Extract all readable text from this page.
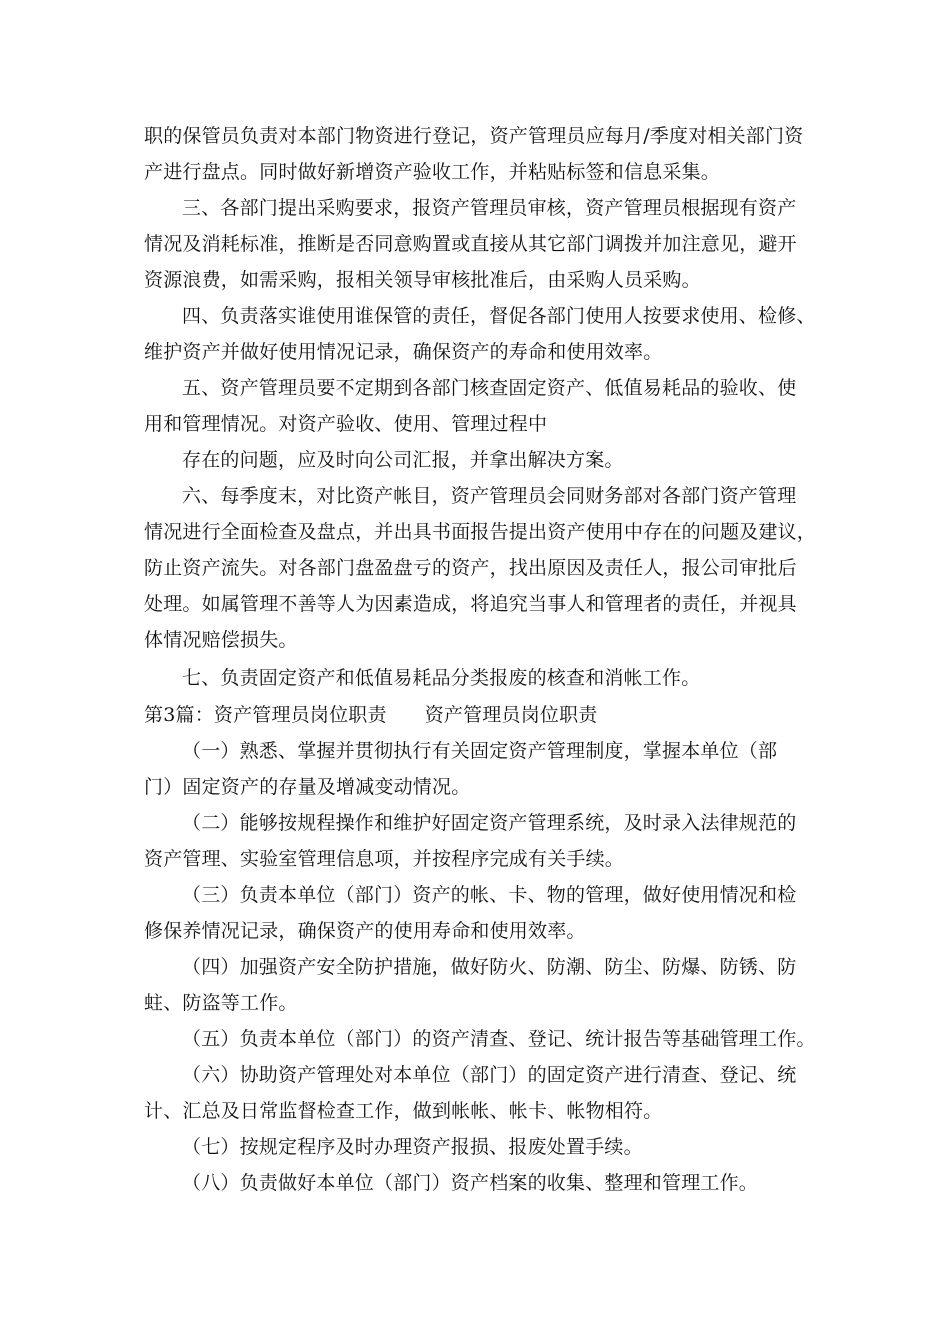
职的保管员负责对本部门物资进行登记，资产管理员应每月/季度对相关部门资
产进行盘点。同时做好新增资产验收工作，并粘贴标签和信息采集。
三、各部门提出采购要求，报资产管理员审核，资产管理员根据现有资产
情况及消耗标准，推断是否同意购置或直接从其它部门调拨并加注意见，避开
资源浪费，如需采购，报相关领导审核批准后，由采购人员采购。
四、负责落实谁使用谁保管的责任，督促各部门使用人按要求使用、检修、
维护资产并做好使用情况记录，确保资产的寿命和使用效率。
五、资产管理员要不定期到各部门核查固定资产、低值易耗品的验收、使
用和管理情况。对资产验收、使用、管理过程中
存在的问题，应及时向公司汇报，并拿出解决方案。
六、每季度末，对比资产帐目，资产管理员会同财务部对各部门资产管理
情况进行全面检查及盘点，并出具书面报告提出资产使用中存在的问题及建议，
防止资产流失。对各部门盘盈盘亏的资产，找出原因及责任人，报公司审批后
处理。如属管理不善等人为因素造成，将追究当事人和管理者的责任，并视具
体情况赔偿损失。
七、负责固定资产和低值易耗品分类报废的核查和消帐工作。
第3篇：资产管理员岗位职责 资产管理员岗位职责
（一）熟悉、掌握并贯彻执行有关固定资产管理制度，掌握本单位（部
门）固定资产的存量及增减变动情况。
（二）能够按规程操作和维护好固定资产管理系统，及时录入法律规范的
资产管理、实验室管理信息项，并按程序完成有关手续。
（三）负责本单位（部门）资产的帐、卡、物的管理，做好使用情况和检
修保养情况记录，确保资产的使用寿命和使用效率。
（四）加强资产安全防护措施，做好防火、防潮、防尘、防爆、防锈、防
蛀、防盗等工作。
（五）负责本单位（部门）的资产清查、登记、统计报告等基础管理工作。
（六）协助资产管理处对本单位（部门）的固定资产进行清查、登记、统
计、汇总及日常监督检查工作，做到帐帐、帐卡、帐物相符。
（七）按规定程序及时办理资产报损、报废处置手续。
（八）负责做好本单位（部门）资产档案的收集、整理和管理工作。
